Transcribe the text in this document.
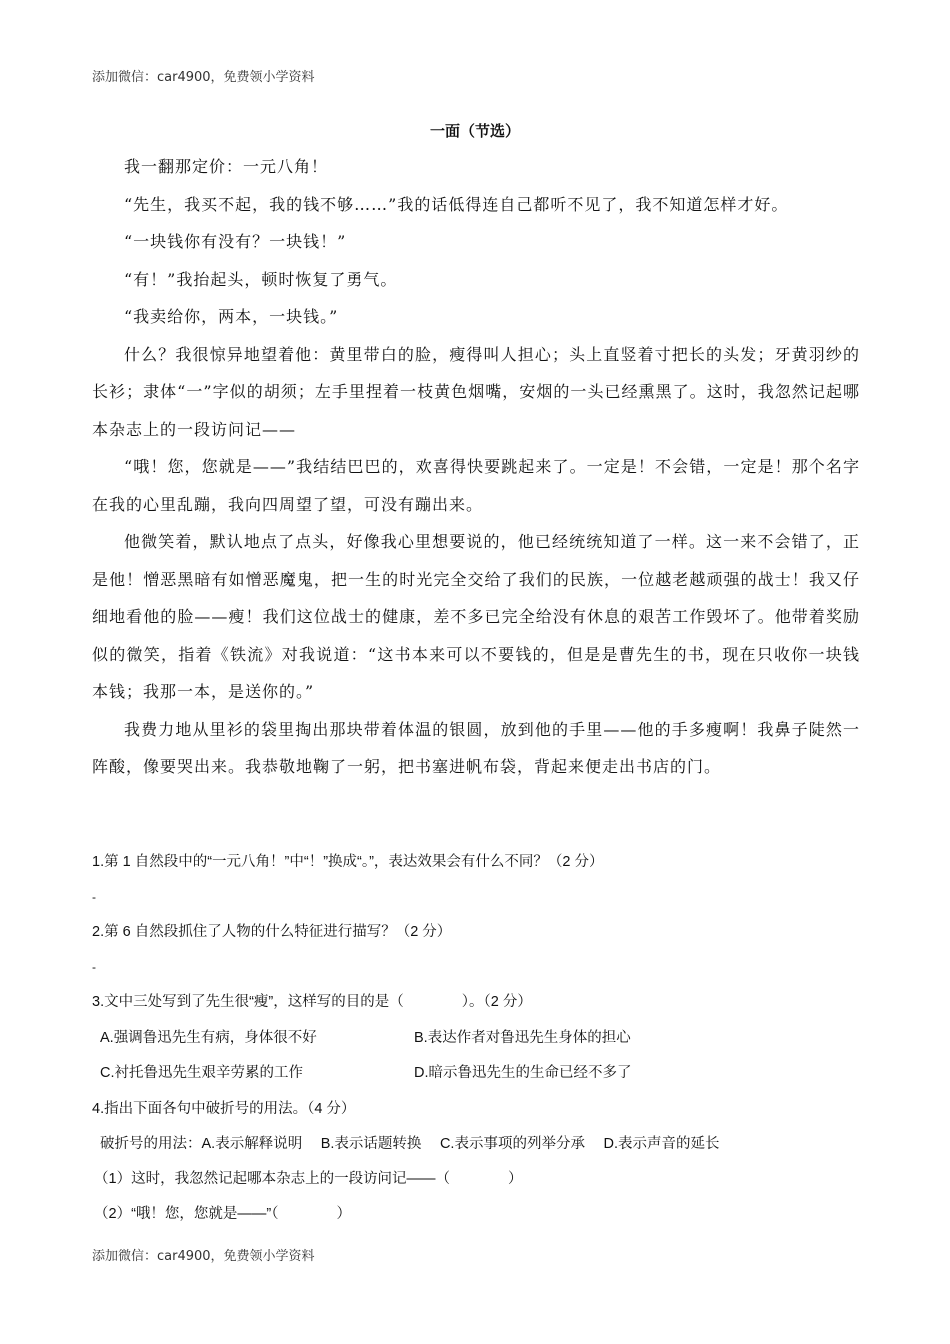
添加微信：car4900，免费领小学资料
一面（节选）

我一翻那定价：一元八角！

“先生，我买不起，我的钱不够……”我的话低得连自己都听不见了，我不知道怎样才好。

“一块钱你有没有？一块钱！”

“有！”我抬起头，顿时恢复了勇气。

“我卖给你，两本，一块钱。”

什么？我很惊异地望着他：黄里带白的脸，瘦得叫人担心；头上直竖着寸把长的头发；牙黄羽纱的长衫；隶体“一”字似的胡须；左手里捏着一枝黄色烟嘴，安烟的一头已经熏黑了。这时，我忽然记起哪本杂志上的一段访问记——

“哦！您，您就是——”我结结巴巴的，欢喜得快要跳起来了。一定是！不会错，一定是！那个名字在我的心里乱蹦，我向四周望了望，可没有蹦出来。

他微笑着，默认地点了点头，好像我心里想要说的，他已经统统知道了一样。这一来不会错了，正是他！憎恶黑暗有如憎恶魔鬼，把一生的时光完全交给了我们的民族，一位越老越顽强的战士！我又仔细地看他的脸——瘦！我们这位战士的健康，差不多已完全给没有休息的艰苦工作毁坏了。他带着奖励似的微笑，指着《铁流》对我说道：“这书本来可以不要钱的，但是是曹先生的书，现在只收你一块钱本钱；我那一本，是送你的。”

我费力地从里衫的袋里掏出那块带着体温的银圆，放到他的手里——他的手多瘦啊！我鼻子陡然一阵酸，像要哭出来。我恭敬地鞠了一躬，把书塞进帆布袋，背起来便走出书店的门。

1.第 1 自然段中的“一元八角！”中“！”换成“。”，表达效果会有什么不同？（2 分）
-
2.第 6 自然段抓住了人物的什么特征进行描写？（2 分）
-
3.文中三处写到了先生很“瘦”，这样写的目的是（　　　　）。（2 分）
A.强调鲁迅先生有病，身体很不好	B.表达作者对鲁迅先生身体的担心
C.衬托鲁迅先生艰辛劳累的工作	D.暗示鲁迅先生的生命已经不多了
4.指出下面各句中破折号的用法。（4 分）
破折号的用法：A.表示解释说明　 B.表示话题转换　 C.表示事项的列举分承　 D.表示声音的延长
（1）这时，我忽然记起哪本杂志上的一段访问记——（　　　　）
（2）“哦！您，您就是——”（　　　　）
添加微信：car4900，免费领小学资料
